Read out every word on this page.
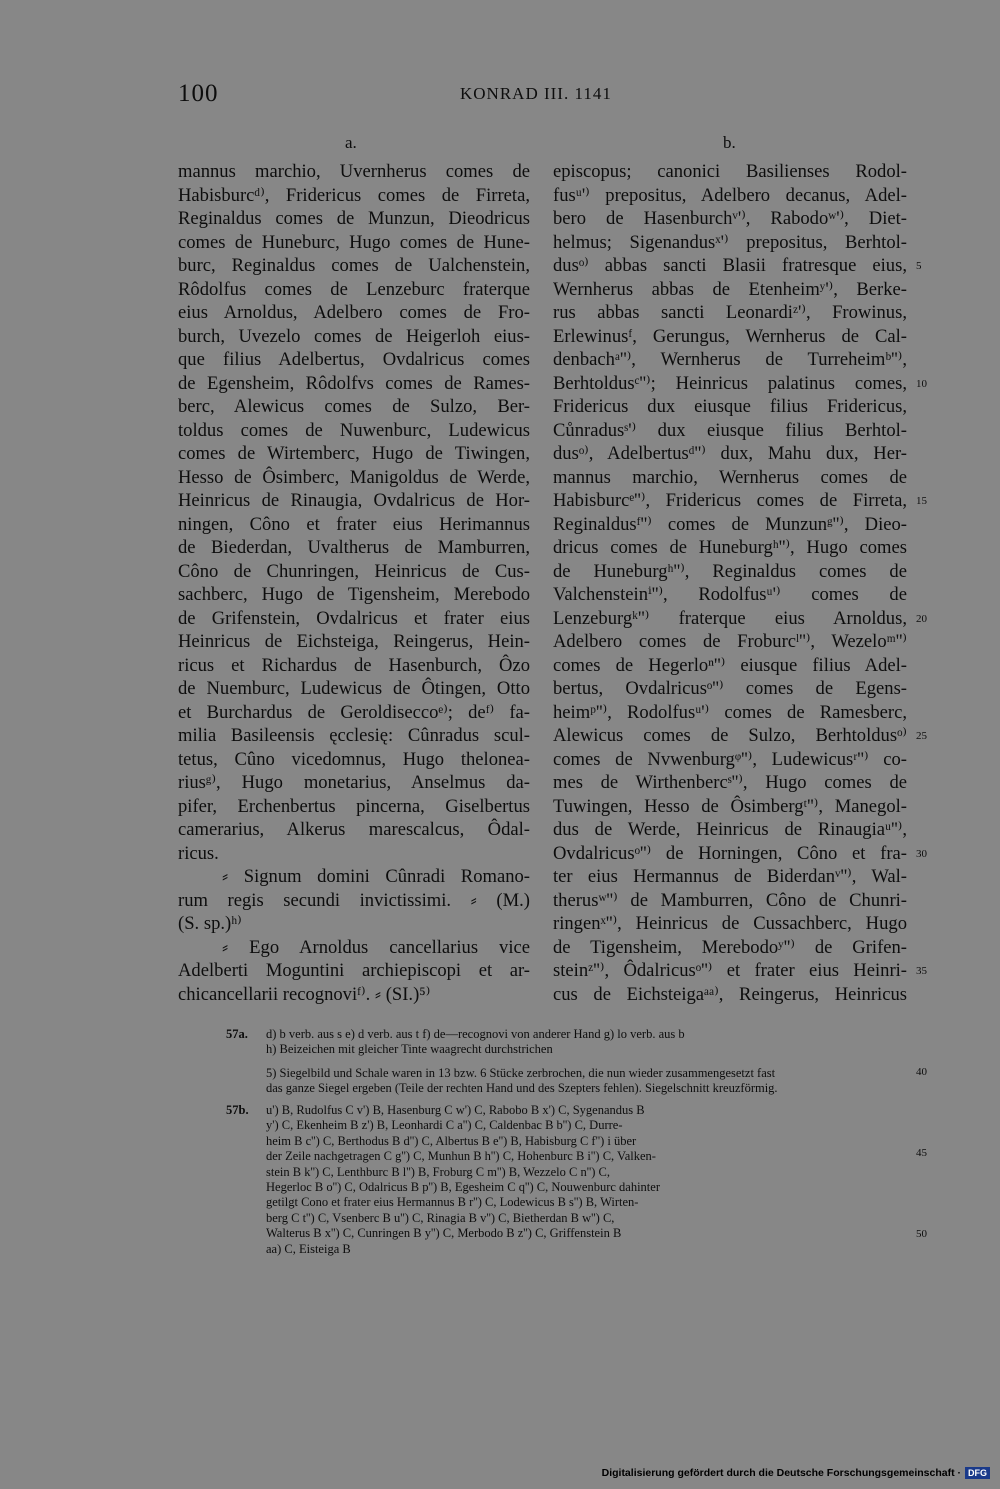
100	KONRAD III. 1141
a.	b.
mannus marchio, Uvernherus comes de
Habisburcᵈ⁾, Fridericus comes de Firreta,
Reginaldus comes de Munzun, Dieodricus
comes de Huneburc, Hugo comes de Hune-
burc, Reginaldus comes de Ualchenstein,
Rôdolfus comes de Lenzeburc fraterque
eius Arnoldus, Adelbero comes de Fro-
burch, Uvezelo comes de Heigerloh eius-
que filius Adelbertus, Ovdalricus comes
de Egensheim, Rôdolfvs comes de Rames-
berc, Alewicus comes de Sulzo, Ber-
toldus comes de Nuwenburc, Ludewicus
comes de Wirtemberc, Hugo de Tiwingen,
Hesso de Ôsimberc, Manigoldus de Werde,
Heinricus de Rinaugia, Ovdalricus de Hor-
ningen, Côno et frater eius Herimannus
de Biederdan, Uvaltherus de Mamburren,
Côno de Chunringen, Heinricus de Cus-
sachberc, Hugo de Tigensheim, Merebodo
de Grifenstein, Ovdalricus et frater eius
Heinricus de Eichsteiga, Reingerus, Hein-
ricus et Richardus de Hasenburch, Ôzo
de Nuemburc, Ludewicus de Ôtingen, Otto
et Burchardus de Geroldiseccoᵉ⁾; deᶠ⁾ fa-
milia Basileensis ęcclesię: Cûnradus scul-
tetus, Cûno vicedomnus, Hugo theloneа-
riusᵍ⁾, Hugo monetarius, Anselmus da-
pifer, Erchenbertus pincerna, Giselbertus
camerarius, Alkerus marescalcus, Ôdal-
ricus.
⸗ Signum domini Cûnradi Romano-
rum regis secundi invictissimi. ⸗ (M.)
(S. sp.)ʰ⁾
⸗ Ego Arnoldus cancellarius vice
Adelberti Moguntini archiepiscopi et ar-
chicancellarii recognoviᶠ⁾. ⸗ (SI.)⁵⁾
episcopus; canonici Basilienses Rodol-
fusᵘ'⁾ prepositus, Adelbero decanus, Adel-
bero de Hasenburchᵛ'⁾, Rabodoʷ'⁾, Diet-
helmus; Sigenandusˣ'⁾ prepositus, Berhtol-
dusᵒ⁾ abbas sancti Blasii fratresque eius,
Wernherus abbas de Etenheimʸ'⁾, Berke-
rus abbas sancti Leonardiᶻ'⁾, Frowinus,
Erlewinusᶠ, Gerungus, Wernherus de Cal-
denbachᵃ''⁾, Wernherus de Turreheimᵇ''⁾,
Berhtoldusᶜ''⁾; Heinricus palatinus comes,
Fridericus dux eiusque filius Fridericus,
Cůnradusˢ'⁾ dux eiusque filius Berhtol-
dusᵒ⁾, Adelbertusᵈ''⁾ dux, Mahu dux, Her-
mannus marchio, Wernherus comes de
Habisburcᵉ''⁾, Fridericus comes de Firreta,
Reginaldusᶠ''⁾ comes de Munzunᵍ''⁾, Dieo-
dricus comes de Huneburgʰ''⁾, Hugo comes
de Huneburgʰ''⁾, Reginaldus comes de
Valchensteinⁱ''⁾, Rodolfusᵘ'⁾ comes de
Lenzeburgᵏ''⁾ fraterque eius Arnoldus,
Adelbero comes de Froburcˡ''⁾, Wezeloᵐ''⁾
comes de Hegerloⁿ''⁾ eiusque filius Adel-
bertus, Ovdalricusᵒ''⁾ comes de Egens-
heimᵖ''⁾, Rodolfusᵘ'⁾ comes de Ramesberc,
Alewicus comes de Sulzo, Berhtoldusᵒ⁾
comes de Nvwenburgᵠ''⁾, Ludewicusʳ''⁾ co-
mes de Wirthenbercˢ''⁾, Hugo comes de
Tuwingen, Hesso de Ôsimbergᵗ''⁾, Manegol-
dus de Werde, Heinricus de Rinaugiaᵘ''⁾,
Ovdalricusᵒ''⁾ de Horningen, Côno et fra-
ter eius Hermannus de Biderdanᵛ''⁾, Wal-
therusʷ''⁾ de Mamburren, Côno de Chunri-
ringenˣ''⁾, Heinricus de Cussachberc, Hugo
de Tigensheim, Merebodoʸ''⁾ de Grifen-
steinᶻ''⁾, Ôdalricusᵒ''⁾ et frater eius Heinri-
cus de Eichsteigaᵃᵃ⁾, Reingerus, Heinricus
5
10
15
20
25
30
35
40
45
50
57a. d) b verb. aus s e) d verb. aus t f) de—recognovi von anderer Hand g) lo verb. aus b
h) Beizeichen mit gleicher Tinte waagrecht durchstrichen
5) Siegelbild und Schale waren in 13 bzw. 6 Stücke zerbrochen, die nun wieder zusammengesetzt fast
das ganze Siegel ergeben (Teile der rechten Hand und des Szepters fehlen). Siegelschnitt kreuzförmig.
57b. u') B, Rudolfus C v') B, Hasenburg C w') C, Rabobo B x') C, Sygenandus B
y') C, Ekenheim B z') B, Leonhardi C a'') C, Caldenbac B b'') C, Durre-
heim B c'') C, Berthodus B d'') C, Albertus B e'') B, Habisburg C f'') i über
der Zeile nachgetragen C g'') C, Munhun B h'') C, Hohenburc B i'') C, Valken-
stein B k'') C, Lenthburc B l'') B, Froburg C m'') B, Wezzelo C n'') C,
Hegerloc B o'') C, Odalricus B p'') B, Egesheim C q'') C, Nouwenburc dahinter
getilgt Cono et frater eius Hermannus B r'') C, Lodewicus B s'') B, Wirten-
berg C t'') C, Vsenberc B u'') C, Rinagia B v'') C, Bietherdan B w'') C,
Walterus B x'') C, Cunringen B y'') C, Merbodo B z'') C, Griffenstein B
aa) C, Eisteiga B
Digitalisierung gefördert durch die Deutsche Forschungsgemeinschaft · DFG
